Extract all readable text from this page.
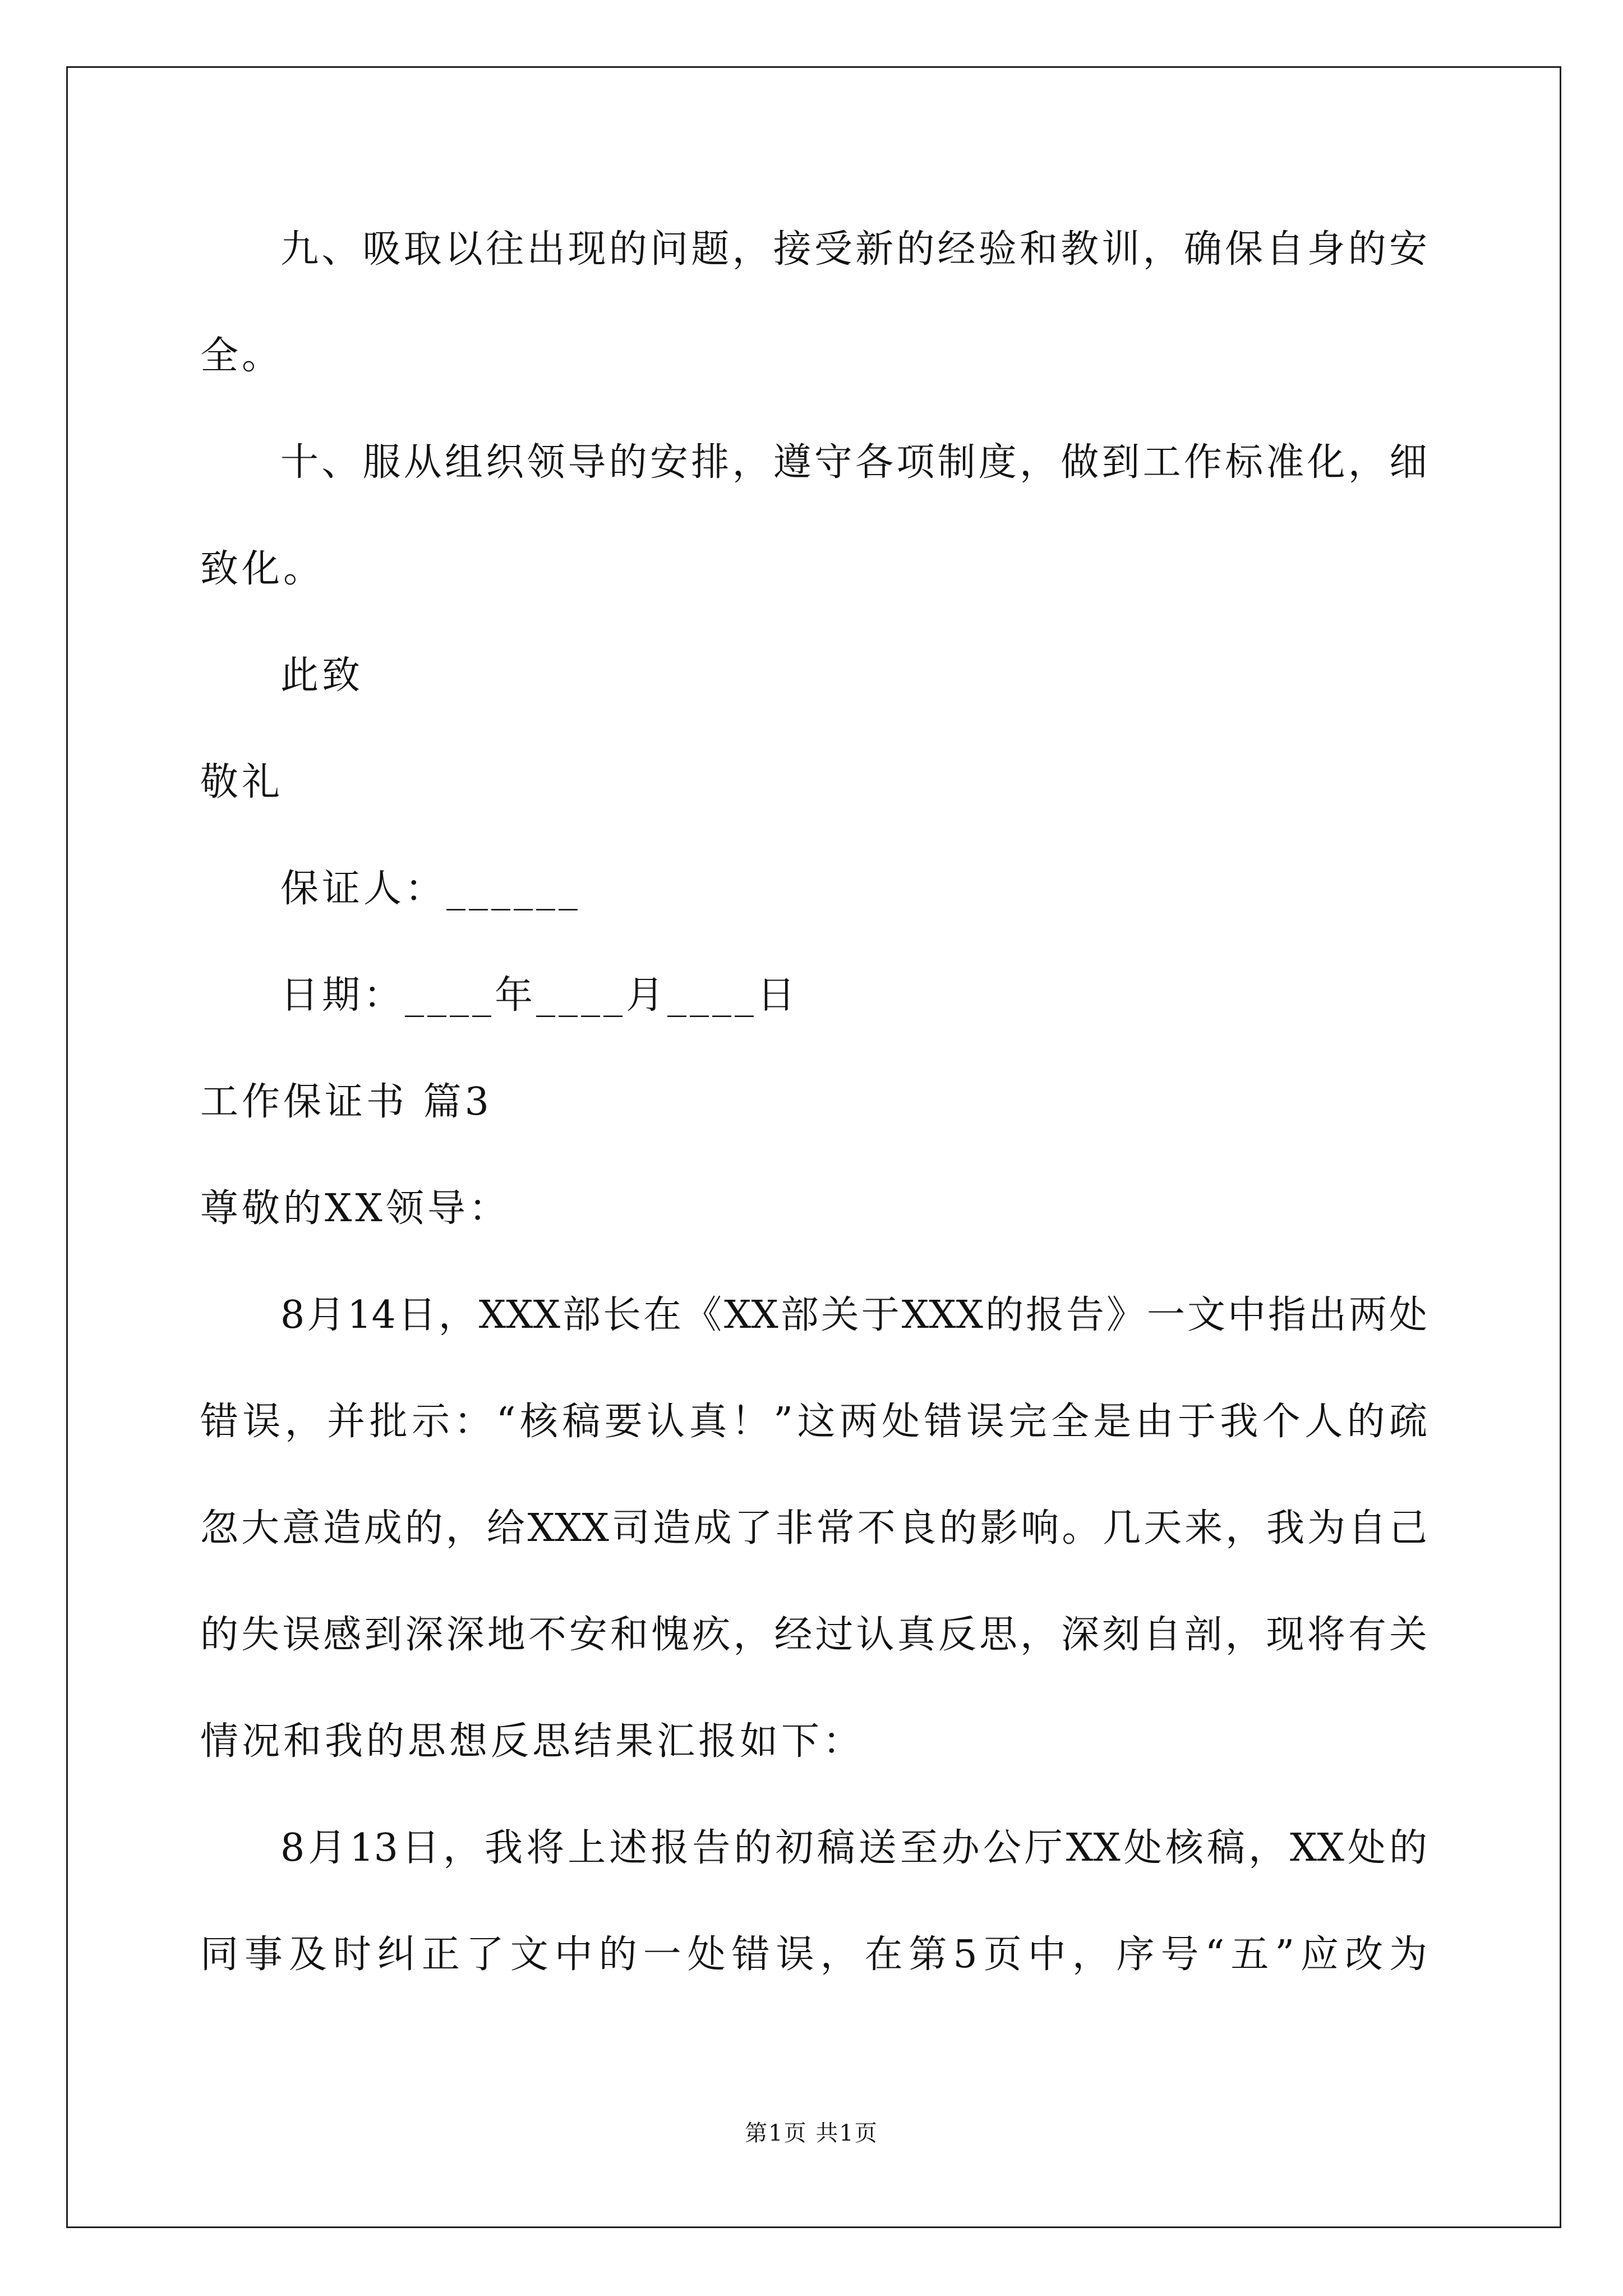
九、吸取以往出现的问题，接受新的经验和教训，确保自身的安
全。
十、服从组织领导的安排，遵守各项制度，做到工作标准化，细
致化。
此致
敬礼
保证人：______
日期：____年____月____日
工作保证书 篇3
尊敬的XX领导：
8月14日，XXX部长在《XX部关于XXX的报告》一文中指出两处
错误，并批示：“核稿要认真！”这两处错误完全是由于我个人的疏
忽大意造成的，给XXX司造成了非常不良的影响。几天来，我为自己
的失误感到深深地不安和愧疚，经过认真反思，深刻自剖，现将有关
情况和我的思想反思结果汇报如下：
8月13日，我将上述报告的初稿送至办公厅XX处核稿，XX处的
同事及时纠正了文中的一处错误，在第5页中，序号“五”应改为
第1页 共1页
